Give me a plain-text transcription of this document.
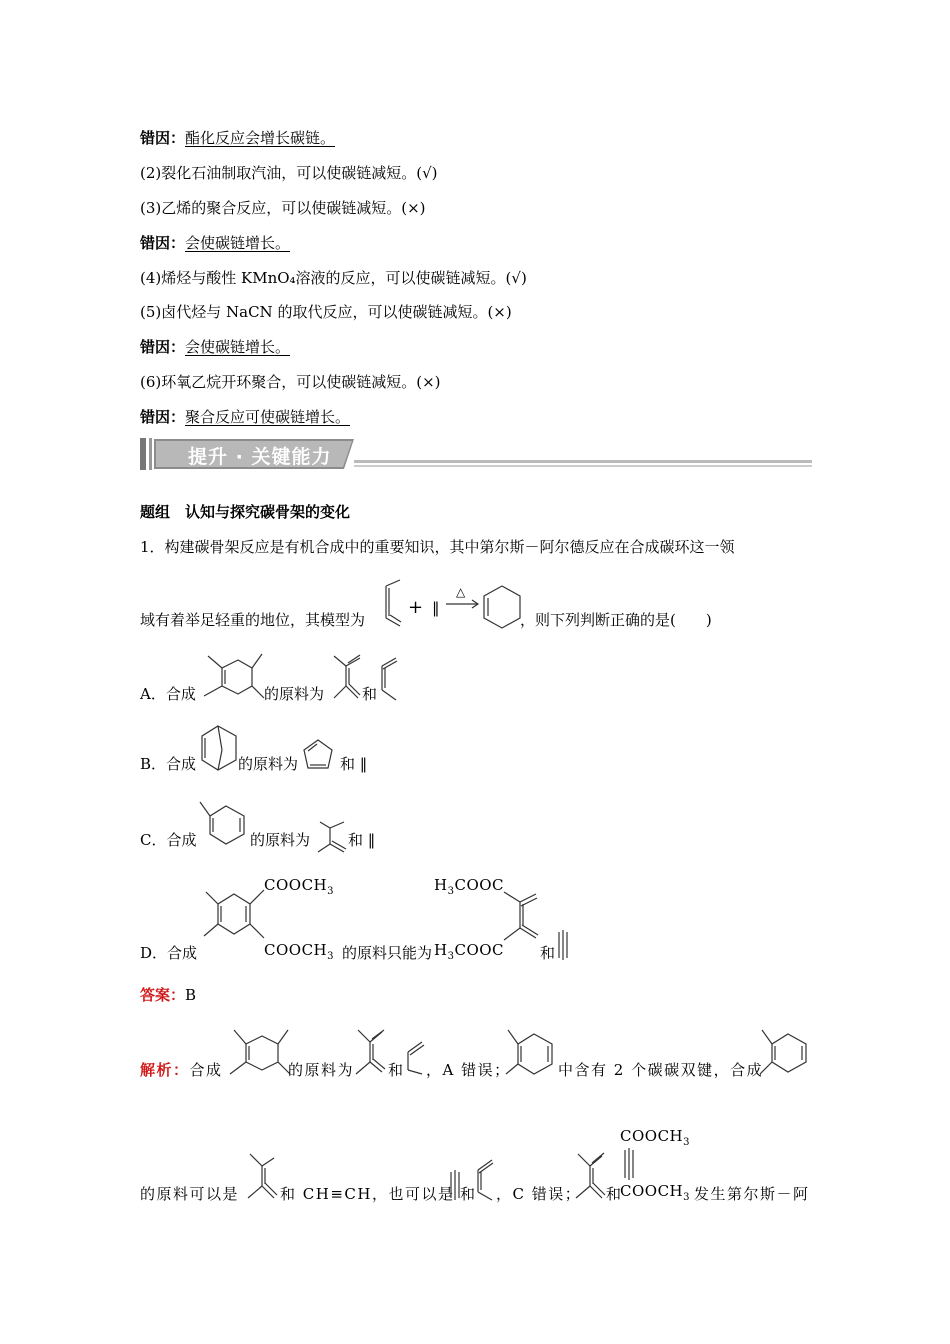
错因：酯化反应会增长碳链。
(2)裂化石油制取汽油，可以使碳链减短。(√)
(3)乙烯的聚合反应，可以使碳链减短。(×)
错因：会使碳链增长。
(4)烯烃与酸性 KMnO₄溶液的反应，可以使碳链减短。(√)
(5)卤代烃与 NaCN 的取代反应，可以使碳链减短。(×)
错因：会使碳链增长。
(6)环氧乙烷开环聚合，可以使碳链减短。(×)
错因：聚合反应可使碳链增长。
提升 · 关键能力
题组　认知与探究碳骨架的变化
1．构建碳骨架反应是有机合成中的重要知识，其中第尔斯－阿尔德反应在合成碳环这一领
域有着举足轻重的地位，其模型为
+ ‖ →
△
，则下列判断正确的是(　　)
A．合成	的原料为	和
B．合成	的原料为	和 ‖
C．合成	的原料为	和 ‖
D．合成
$COOCH_3$
$COOCH_3$ 的原料只能为
$H_3COOC$
$H_3COOC$ 和
答案：B
解析：合成	的原料为 和 ，A 错误；	中含有 2 个碳碳双键，合成
的原料可以是	和 CH≡CH，也可以是 和 ，C 错误； 和
$COOCH_3$
$COOCH_3$ 发生第尔斯－阿
